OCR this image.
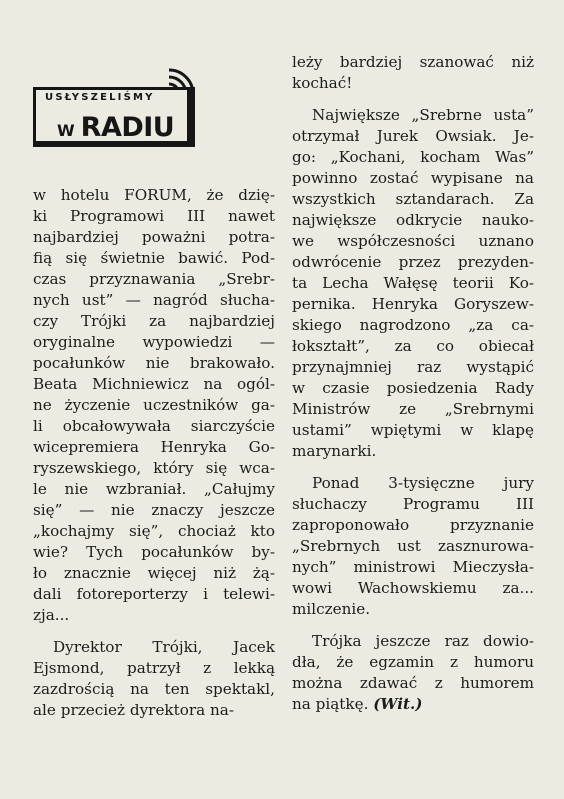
USŁYSZELIŚMY
W RADIU

w hotelu FORUM, że dzię-
ki Programowi III nawet
najbardziej poważni potra-
fią się świetnie bawić. Pod-
czas przyznawania „Srebr-
nych ust” — nagród słucha-
czy Trójki za najbardziej
oryginalne wypowiedzi —
pocałunków nie brakowało.
Beata Michniewicz na ogól-
ne życzenie uczestników ga-
li obcałowywała siarczyście
wicepremiera Henryka Go-
ryszewskiego, który się wca-
le nie wzbraniał. „Całujmy
się” — nie znaczy jeszcze
„kochajmy się”, chociaż kto
wie? Tych pocałunków by-
ło znacznie więcej niż żą-
dali fotoreporterzy i telewi-
zja...

Dyrektor Trójki, Jacek
Ejsmond, patrzył z lekką
zazdrością na ten spektakl,
ale przecież dyrektora na-

leży bardziej szanować niż
kochać!

Największe „Srebrne usta”
otrzymał Jurek Owsiak. Je-
go: „Kochani, kocham Was”
powinno zostać wypisane na
wszystkich sztandarach. Za
największe odkrycie nauko-
we współczesności uznano
odwrócenie przez prezyden-
ta Lecha Wałęsę teorii Ko-
pernika. Henryka Goryszew-
skiego nagrodzono „za ca-
łokształt”, za co obiecał
przynajmniej raz wystąpić
w czasie posiedzenia Rady
Ministrów ze „Srebrnymi
ustami” wpiętymi w klapę
marynarki.

Ponad 3-tysięczne jury
słuchaczy Programu III
zaproponowało przyznanie
„Srebrnych ust zasznurowa-
nych” ministrowi Mieczysła-
wowi Wachowskiemu za...
milczenie.

Trójka jeszcze raz dowio-
dła, że egzamin z humoru
można zdawać z humorem
na piątkę. (Wit.)
